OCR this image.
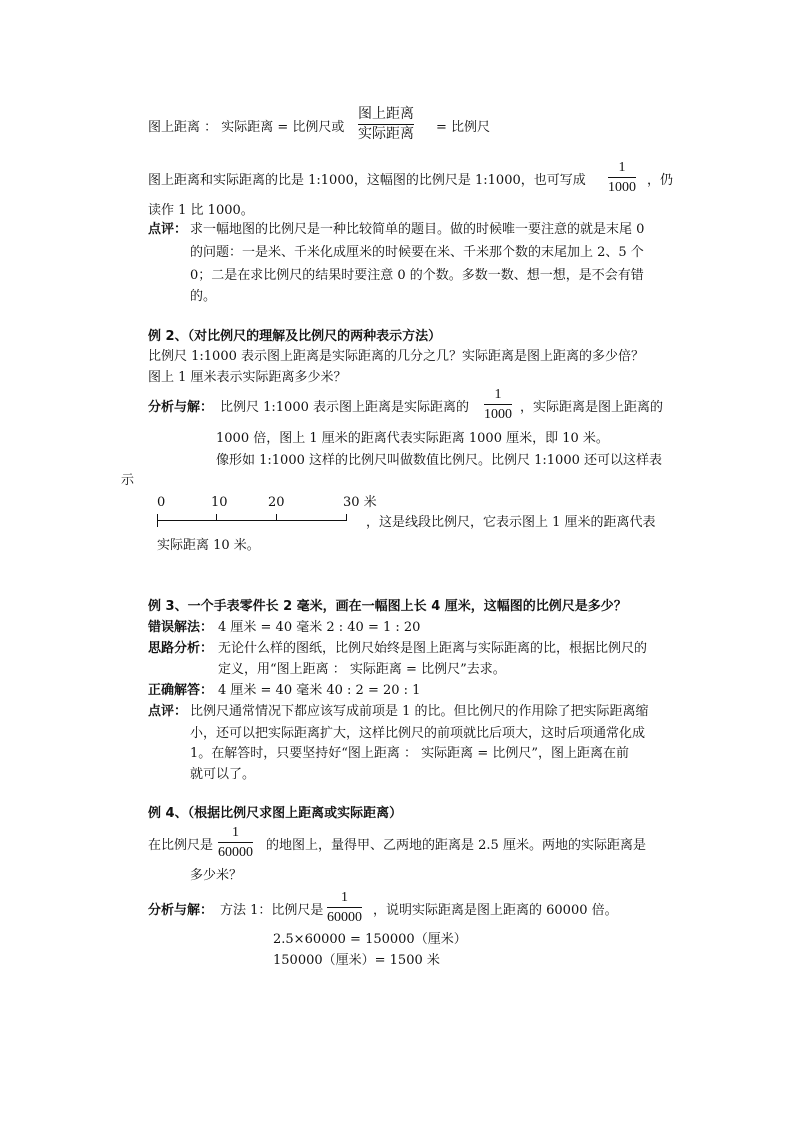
图上距离 ： 实际距离 = 比例尺或
图上距离
实际距离 = 比例尺
图上距离和实际距离的比是 1:1000，这幅图的比例尺是 1:1000，也可写成
1
1000 ，仍
读作 1 比 1000。
点评： 求一幅地图的比例尺是一种比较简单的题目。做的时候唯一要注意的就是末尾 0
的问题：一是米、千米化成厘米的时候要在米、千米那个数的末尾加上 2、5 个
0；二是在求比例尺的结果时要注意 0 的个数。多数一数、想一想，是不会有错
的。
例 2、（对比例尺的理解及比例尺的两种表示方法）
比例尺 1:1000 表示图上距离是实际距离的几分之几？实际距离是图上距离的多少倍？
图上 1 厘米表示实际距离多少米？
分析与解： 比例尺 1:1000 表示图上距离是实际距离的
1
1000 ，实际距离是图上距离的
1000 倍，图上 1 厘米的距离代表实际距离 1000 厘米，即 10 米。
像形如 1:1000 这样的比例尺叫做数值比例尺。比例尺 1:1000 还可以这样表
示
0	10	20	30 米
，这是线段比例尺，它表示图上 1 厘米的距离代表
实际距离 10 米。
例 3、一个手表零件长 2 毫米，画在一幅图上长 4 厘米，这幅图的比例尺是多少？
错误解法： 4 厘米 = 40 毫米 2 : 40 = 1 : 20
思路分析： 无论什么样的图纸，比例尺始终是图上距离与实际距离的比，根据比例尺的
定义，用“图上距离 ： 实际距离 = 比例尺”去求。
正确解答： 4 厘米 = 40 毫米 40 : 2 = 20 : 1
点评： 比例尺通常情况下都应该写成前项是 1 的比。但比例尺的作用除了把实际距离缩
小，还可以把实际距离扩大，这样比例尺的前项就比后项大，这时后项通常化成
1。在解答时，只要坚持好“图上距离 ： 实际距离 = 比例尺”，图上距离在前
就可以了。
例 4、（根据比例尺求图上距离或实际距离）
在比例尺是
1
60000 的地图上，量得甲、乙两地的距离是 2.5 厘米。两地的实际距离是
多少米？
分析与解： 方法 1：比例尺是
1
60000 ，说明实际距离是图上距离的 60000 倍。
2.5×60000 = 150000（厘米）
150000（厘米）= 1500 米
